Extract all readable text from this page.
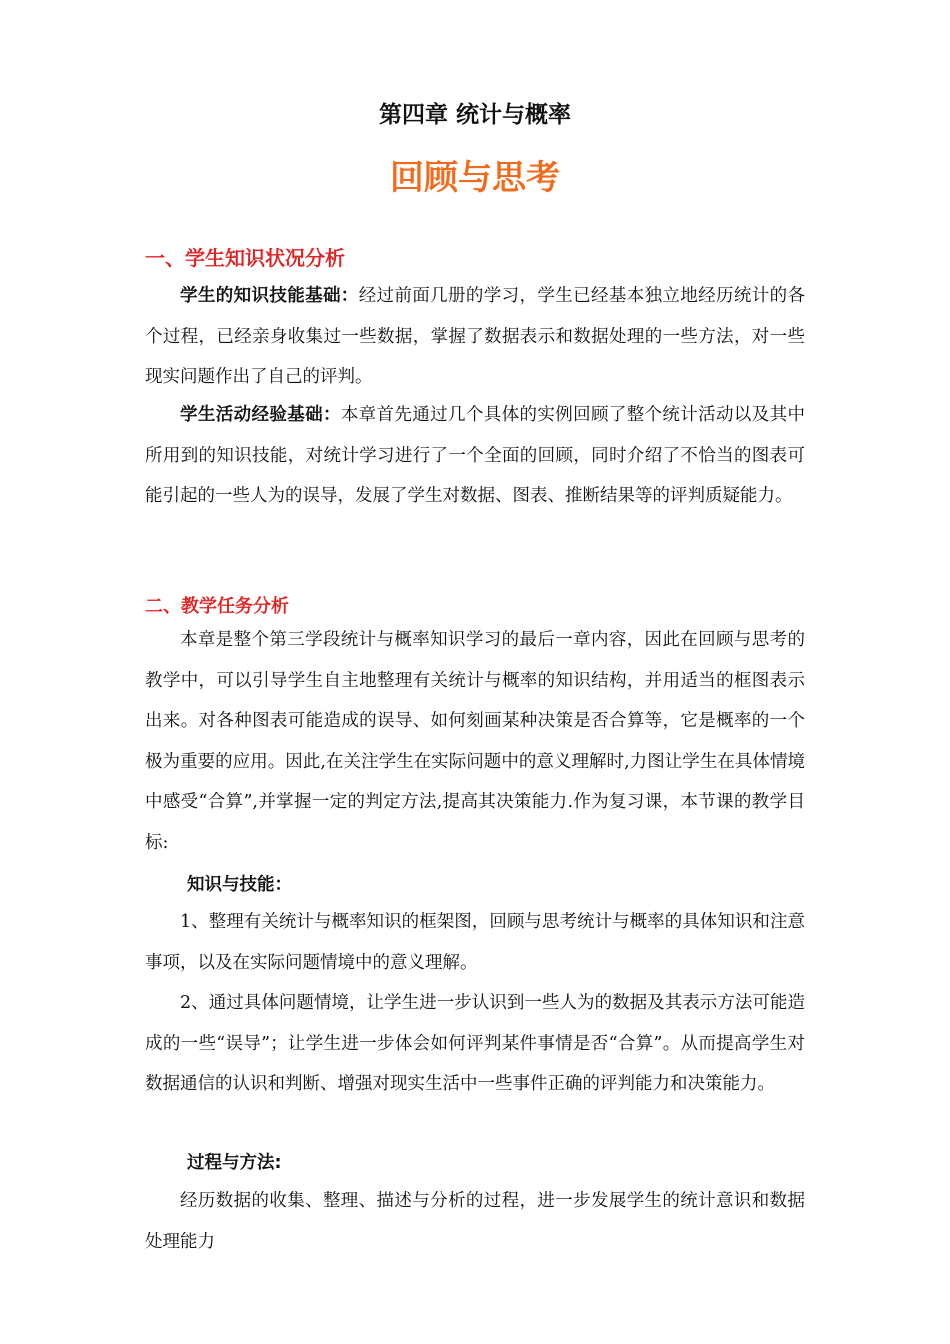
第四章 统计与概率
回顾与思考
一、学生知识状况分析

学生的知识技能基础：经过前面几册的学习，学生已经基本独立地经历统计的各个过程，已经亲身收集过一些数据，掌握了数据表示和数据处理的一些方法，对一些现实问题作出了自己的评判。

学生活动经验基础：本章首先通过几个具体的实例回顾了整个统计活动以及其中所用到的知识技能，对统计学习进行了一个全面的回顾，同时介绍了不恰当的图表可能引起的一些人为的误导，发展了学生对数据、图表、推断结果等的评判质疑能力。

二、教学任务分析

本章是整个第三学段统计与概率知识学习的最后一章内容，因此在回顾与思考的教学中，可以引导学生自主地整理有关统计与概率的知识结构，并用适当的框图表示出来。对各种图表可能造成的误导、如何刻画某种决策是否合算等，它是概率的一个极为重要的应用。因此,在关注学生在实际问题中的意义理解时,力图让学生在具体情境中感受“合算”,并掌握一定的判定方法,提高其决策能力.作为复习课，本节课的教学目标:

知识与技能：

1、整理有关统计与概率知识的框架图，回顾与思考统计与概率的具体知识和注意事项，以及在实际问题情境中的意义理解。

2、通过具体问题情境，让学生进一步认识到一些人为的数据及其表示方法可能造成的一些“误导”；让学生进一步体会如何评判某件事情是否“合算”。从而提高学生对数据通信的认识和判断、增强对现实生活中一些事件正确的评判能力和决策能力。

过程与方法:

经历数据的收集、整理、描述与分析的过程，进一步发展学生的统计意识和数据处理能力
